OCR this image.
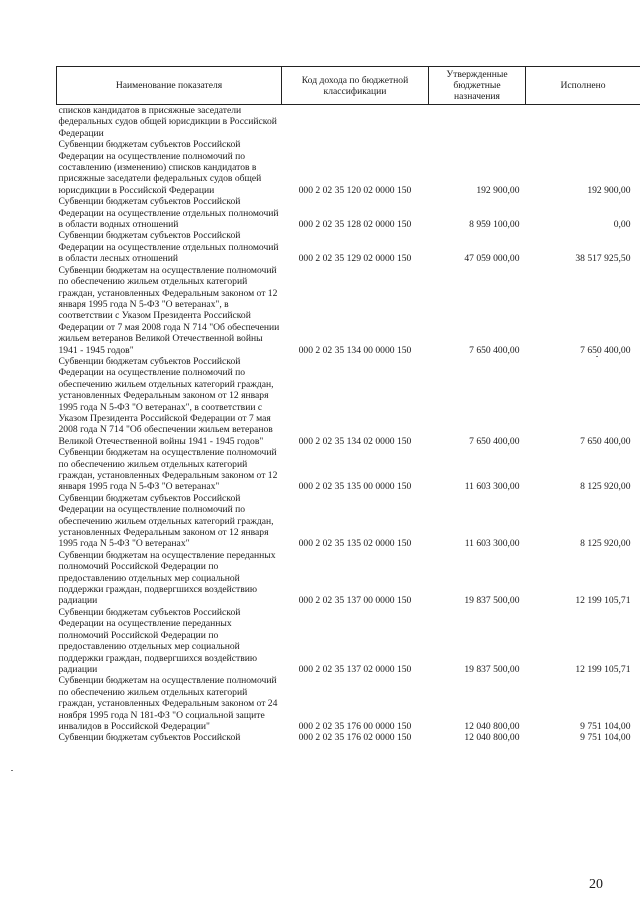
Наименование показателя	Код дохода по бюджетной классификации	Утвержденные бюджетные назначения	Исполнено
списков кандидатов в присяжные заседатели федеральных судов общей юрисдикции в Российской Федерации			
Субвенции бюджетам субъектов Российской Федерации на осуществление полномочий по составлению (изменению) списков кандидатов в присяжные заседатели федеральных судов общей юрисдикции в Российской Федерации	000 2 02 35 120 02 0000 150	192 900,00	192 900,00
Субвенции бюджетам субъектов Российской Федерации на осуществление отдельных полномочий в области водных отношений	000 2 02 35 128 02 0000 150	8 959 100,00	0,00
Субвенции бюджетам субъектов Российской Федерации на осуществление отдельных полномочий в области лесных отношений	000 2 02 35 129 02 0000 150	47 059 000,00	38 517 925,50
Субвенции бюджетам на осуществление полномочий по обеспечению жильем отдельных категорий граждан, установленных Федеральным законом от 12 января 1995 года N 5-ФЗ "О ветеранах", в соответствии с Указом Президента Российской Федерации от 7 мая 2008 года N 714 "Об обеспечении жильем ветеранов Великой Отечественной войны 1941 - 1945 годов"	000 2 02 35 134 00 0000 150	7 650 400,00	7 650 400,00
Субвенции бюджетам субъектов Российской Федерации на осуществление полномочий по обеспечению жильем отдельных категорий граждан, установленных Федеральным законом от 12 января 1995 года N 5-ФЗ "О ветеранах", в соответствии с Указом Президента Российской Федерации от 7 мая 2008 года N 714 "Об обеспечении жильем ветеранов Великой Отечественной войны 1941 - 1945 годов"	000 2 02 35 134 02 0000 150	7 650 400,00	7 650 400,00
Субвенции бюджетам на осуществление полномочий по обеспечению жильем отдельных категорий граждан, установленных Федеральным законом от 12 января 1995 года N 5-ФЗ "О ветеранах"	000 2 02 35 135 00 0000 150	11 603 300,00	8 125 920,00
Субвенции бюджетам субъектов Российской Федерации на осуществление полномочий по обеспечению жильем отдельных категорий граждан, установленных Федеральным законом от 12 января 1995 года N 5-ФЗ "О ветеранах"	000 2 02 35 135 02 0000 150	11 603 300,00	8 125 920,00
Субвенции бюджетам на осуществление переданных полномочий Российской Федерации по предоставлению отдельных мер социальной поддержки граждан, подвергшихся воздействию радиации	000 2 02 35 137 00 0000 150	19 837 500,00	12 199 105,71
Субвенции бюджетам субъектов Российской Федерации на осуществление переданных полномочий Российской Федерации по предоставлению отдельных мер социальной поддержки граждан, подвергшихся воздействию радиации	000 2 02 35 137 02 0000 150	19 837 500,00	12 199 105,71
Субвенции бюджетам на осуществление полномочий по обеспечению жильем отдельных категорий граждан, установленных Федеральным законом от 24 ноября 1995 года N 181-ФЗ "О социальной защите инвалидов в Российской Федерации"	000 2 02 35 176 00 0000 150	12 040 800,00	9 751 104,00
Субвенции бюджетам субъектов Российской	000 2 02 35 176 02 0000 150	12 040 800,00	9 751 104,00
20
